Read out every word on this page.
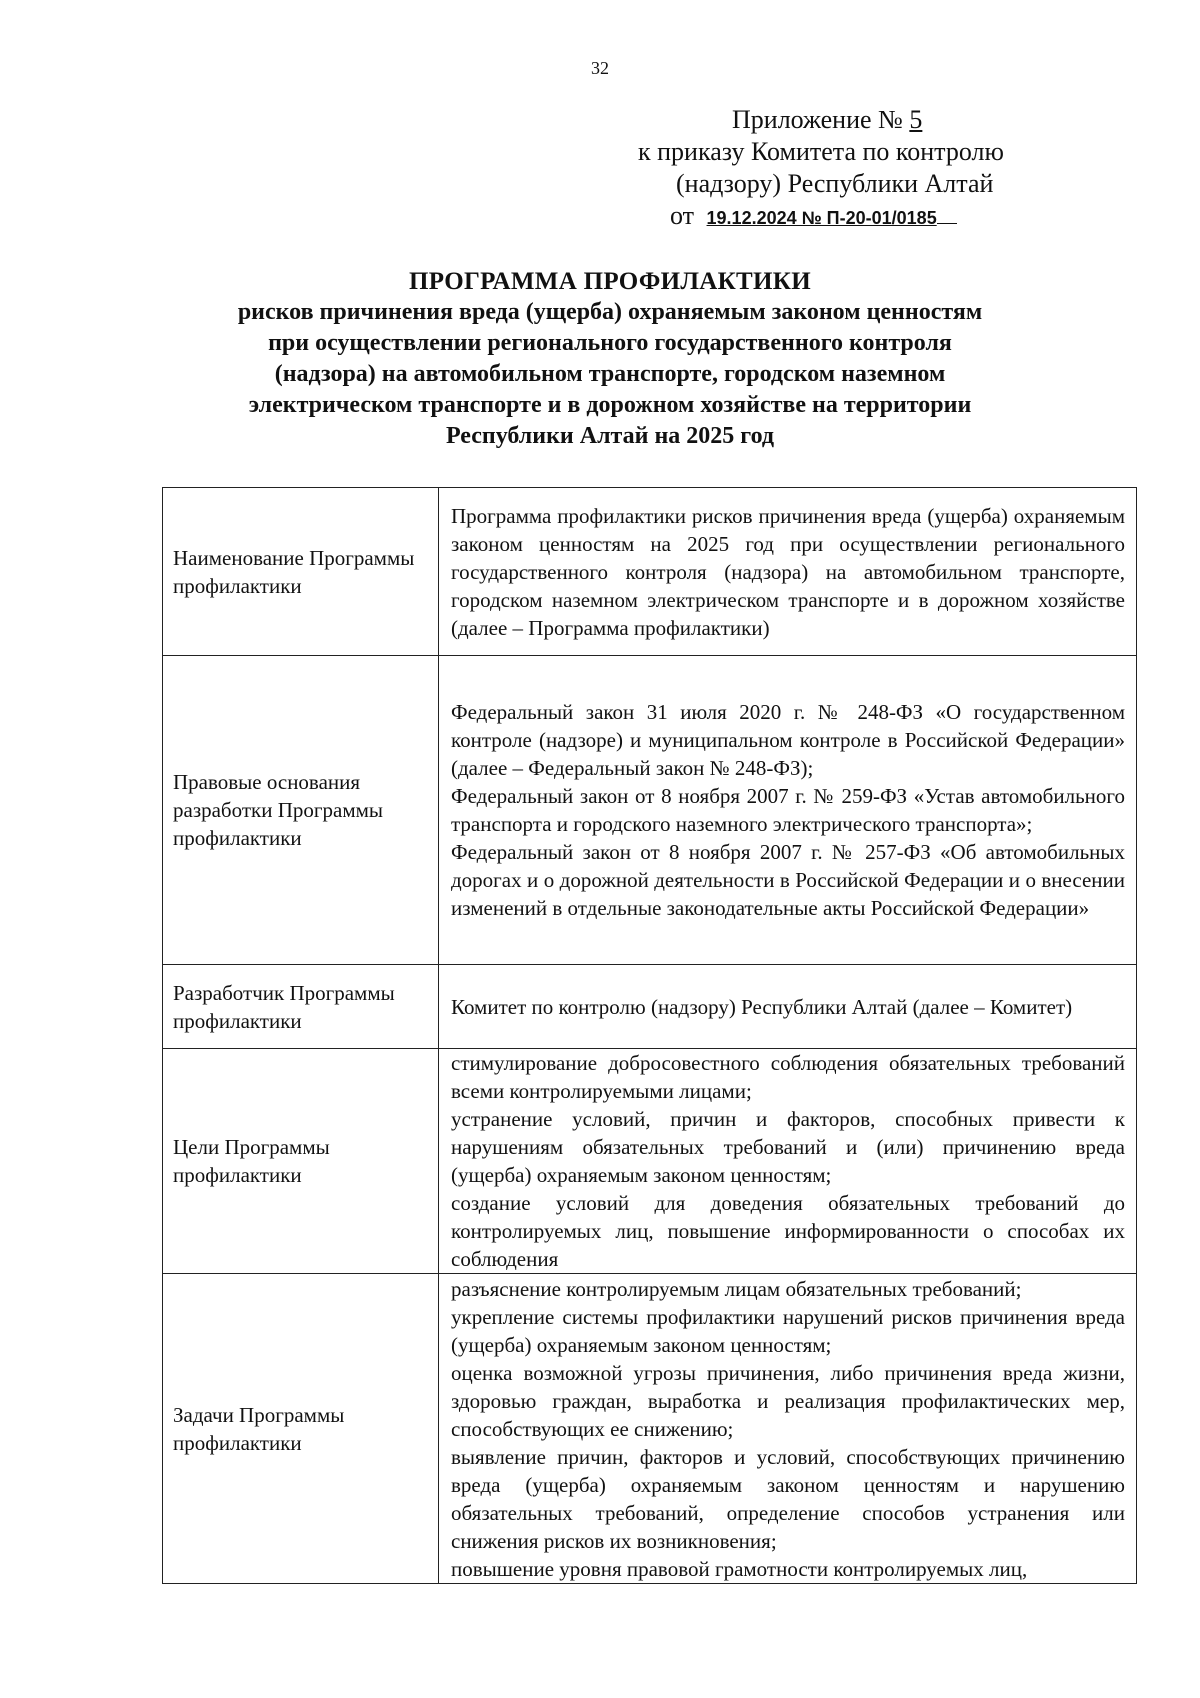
32
Приложение № 5
к приказу Комитета по контролю
(надзору) Республики Алтай
от 19.12.2024 № П-20-01/0185
ПРОГРАММА ПРОФИЛАКТИКИ
рисков причинения вреда (ущерба) охраняемым законом ценностям
при осуществлении регионального государственного контроля
(надзора) на автомобильном транспорте, городском наземном
электрическом транспорте и в дорожном хозяйстве на территории
Республики Алтай на 2025 год
Наименование Программы профилактики	Программа профилактики рисков причинения вреда (ущерба) охраняемым законом ценностям на 2025 год при осуществлении регионального государственного контроля (надзора) на автомобильном транспорте, городском наземном электрическом транспорте и в дорожном хозяйстве (далее – Программа профилактики)

Правовые основания разработки Программы профилактики	Федеральный закон 31 июля 2020 г. № 248-ФЗ «О государственном контроле (надзоре) и муниципальном контроле в Российской Федерации» (далее – Федеральный закон № 248-ФЗ);

Федеральный закон от 8 ноября 2007 г. № 259-ФЗ «Устав автомобильного транспорта и городского наземного электрического транспорта»;

Федеральный закон от 8 ноября 2007 г. № 257-ФЗ «Об автомобильных дорогах и о дорожной деятельности в Российской Федерации и о внесении изменений в отдельные законодательные акты Российской Федерации»

Разработчик Программы профилактики	Комитет по контролю (надзору) Республики Алтай (далее – Комитет)

Цели Программы профилактики	стимулирование добросовестного соблюдения обязательных требований всеми контролируемыми лицами;

устранение условий, причин и факторов, способных привести к нарушениям обязательных требований и (или) причинению вреда (ущерба) охраняемым законом ценностям;

создание условий для доведения обязательных требований до контролируемых лиц, повышение информированности о способах их соблюдения

Задачи Программы профилактики	разъяснение контролируемым лицам обязательных требований;

укрепление системы профилактики нарушений рисков причинения вреда (ущерба) охраняемым законом ценностям;

оценка возможной угрозы причинения, либо причинения вреда жизни, здоровью граждан, выработка и реализация профилактических мер, способствующих ее снижению;

выявление причин, факторов и условий, способствующих причинению вреда (ущерба) охраняемым законом ценностям и нарушению обязательных требований, определение способов устранения или снижения рисков их возникновения;

повышение уровня правовой грамотности контролируемых лиц,
